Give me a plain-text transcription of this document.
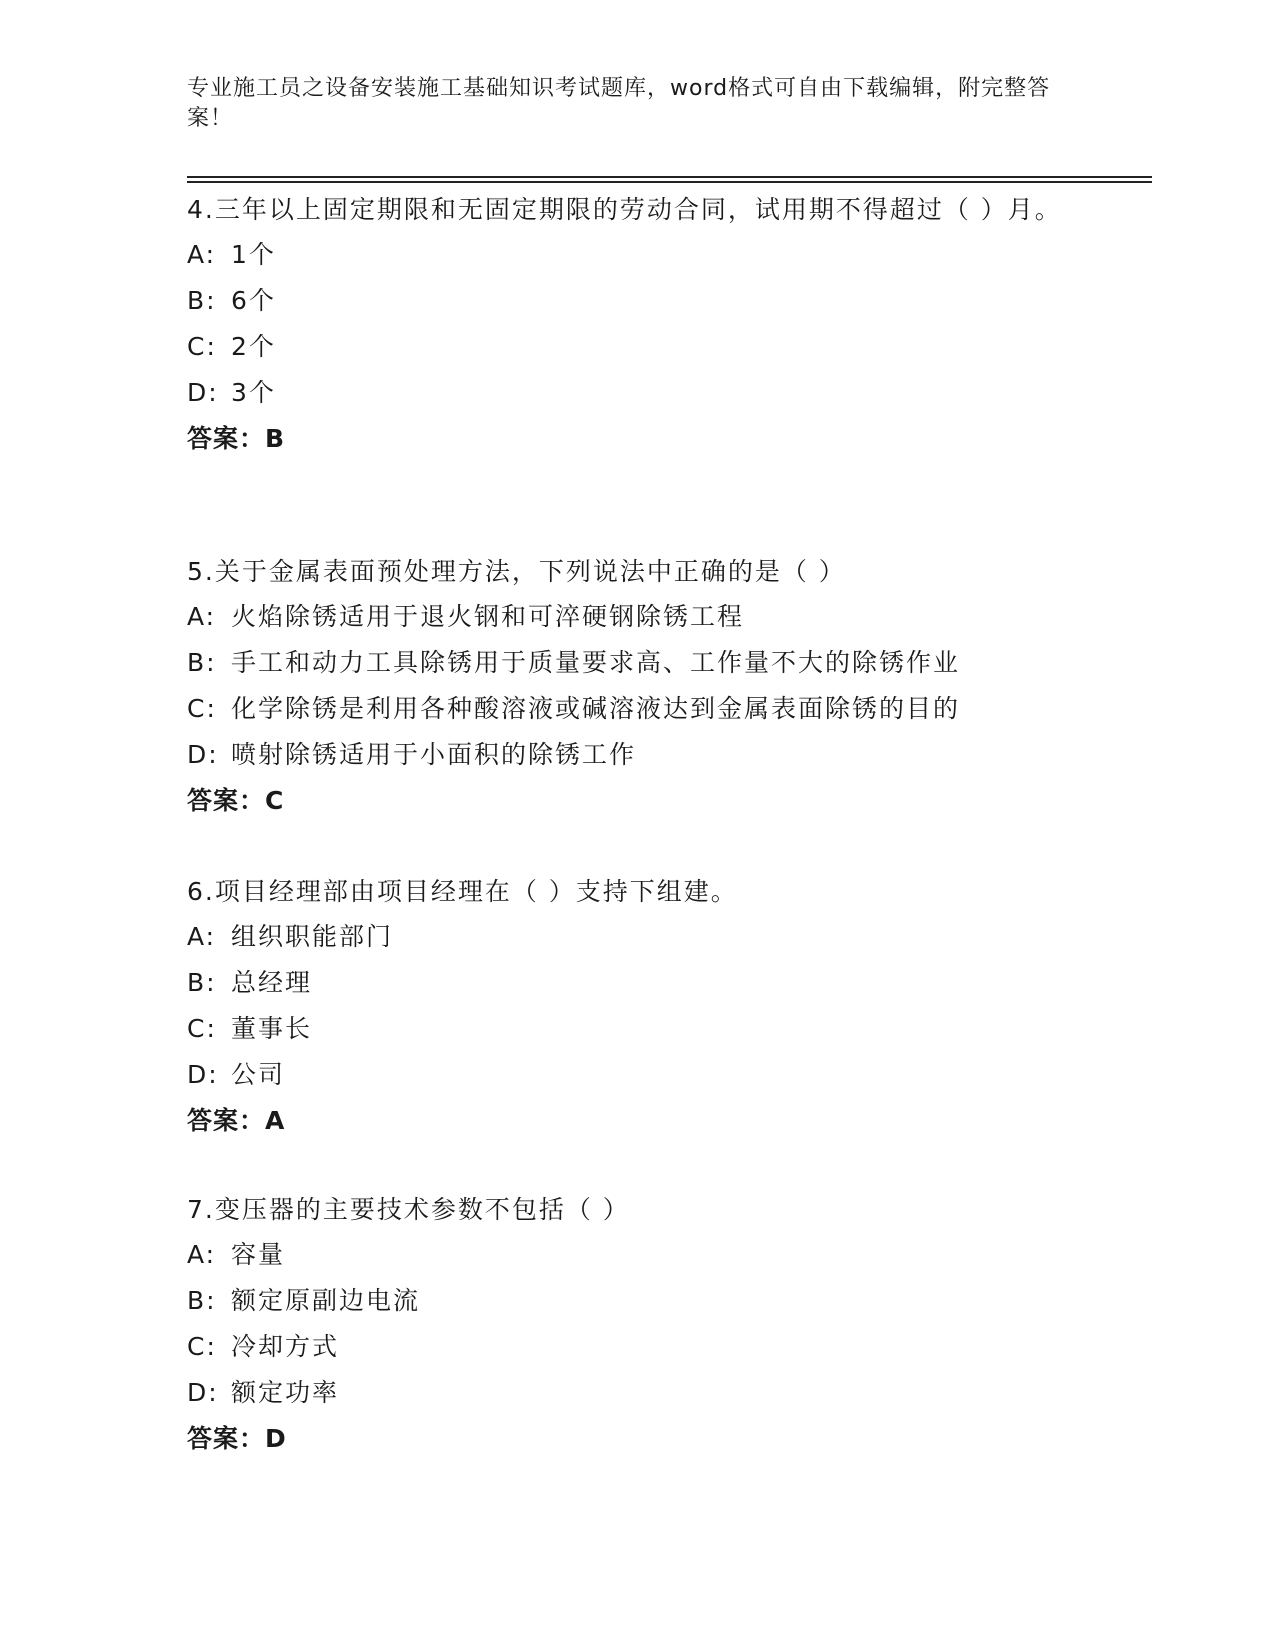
专业施工员之设备安装施工基础知识考试题库，word格式可自由下载编辑，附完整答案！

4.三年以上固定期限和无固定期限的劳动合同，试用期不得超过（ ）月。

A: 1个
B: 6个
C: 2个
D: 3个
答案：B

5.关于金属表面预处理方法，下列说法中正确的是（ ）

A: 火焰除锈适用于退火钢和可淬硬钢除锈工程
B: 手工和动力工具除锈用于质量要求高、工作量不大的除锈作业
C: 化学除锈是利用各种酸溶液或碱溶液达到金属表面除锈的目的
D: 喷射除锈适用于小面积的除锈工作
答案：C

6.项目经理部由项目经理在（ ）支持下组建。

A: 组织职能部门
B: 总经理
C: 董事长
D: 公司
答案：A

7.变压器的主要技术参数不包括（ ）

A: 容量
B: 额定原副边电流
C: 冷却方式
D: 额定功率
答案：D
